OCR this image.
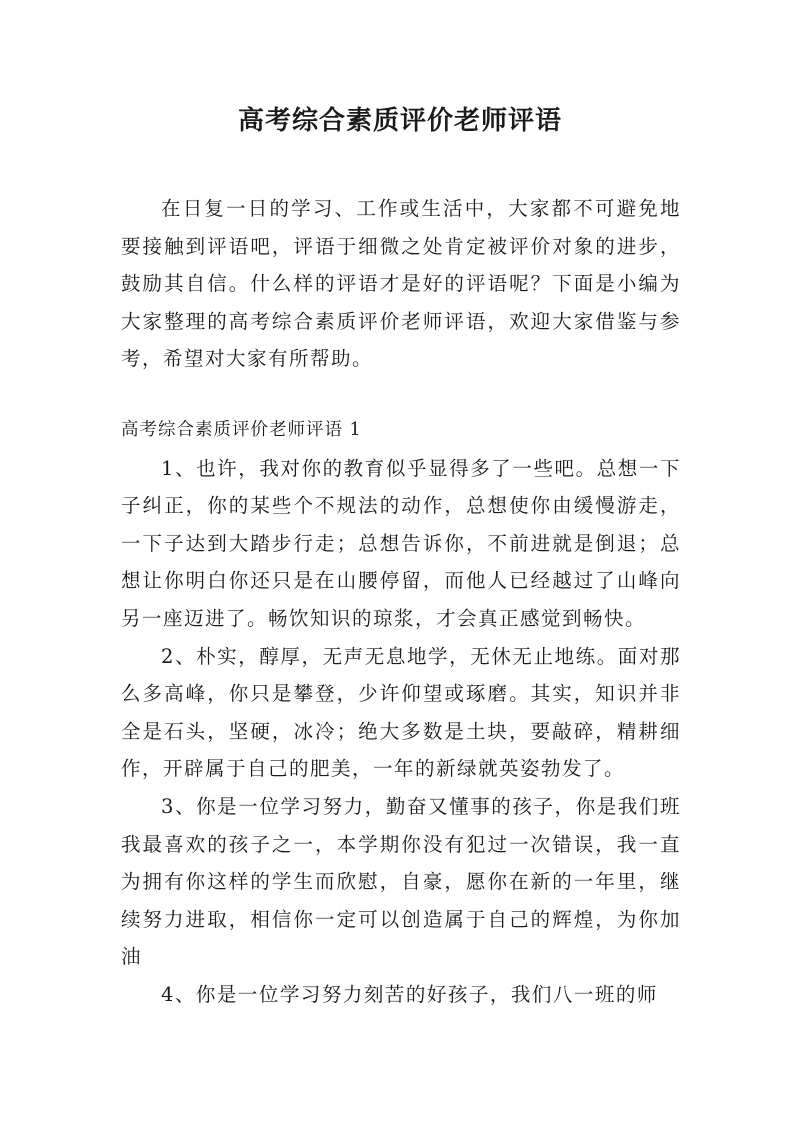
高考综合素质评价老师评语
在日复一日的学习、工作或生活中，大家都不可避免地要接触到评语吧，评语于细微之处肯定被评价对象的进步，鼓励其自信。什么样的评语才是好的评语呢？下面是小编为大家整理的高考综合素质评价老师评语，欢迎大家借鉴与参考，希望对大家有所帮助。

高考综合素质评价老师评语 1

1、也许，我对你的教育似乎显得多了一些吧。总想一下子纠正，你的某些个不规法的动作，总想使你由缓慢游走，一下子达到大踏步行走；总想告诉你，不前进就是倒退；总想让你明白你还只是在山腰停留，而他人已经越过了山峰向另一座迈进了。畅饮知识的琼浆，才会真正感觉到畅快。

2、朴实，醇厚，无声无息地学，无休无止地练。面对那么多高峰，你只是攀登，少许仰望或琢磨。其实，知识并非全是石头，坚硬，冰冷；绝大多数是土块，要敲碎，精耕细作，开辟属于自己的肥美，一年的新绿就英姿勃发了。

3、你是一位学习努力，勤奋又懂事的孩子，你是我们班我最喜欢的孩子之一，本学期你没有犯过一次错误，我一直为拥有你这样的学生而欣慰，自豪，愿你在新的一年里，继续努力进取，相信你一定可以创造属于自己的辉煌，为你加油

4、你是一位学习努力刻苦的好孩子，我们八一班的师
